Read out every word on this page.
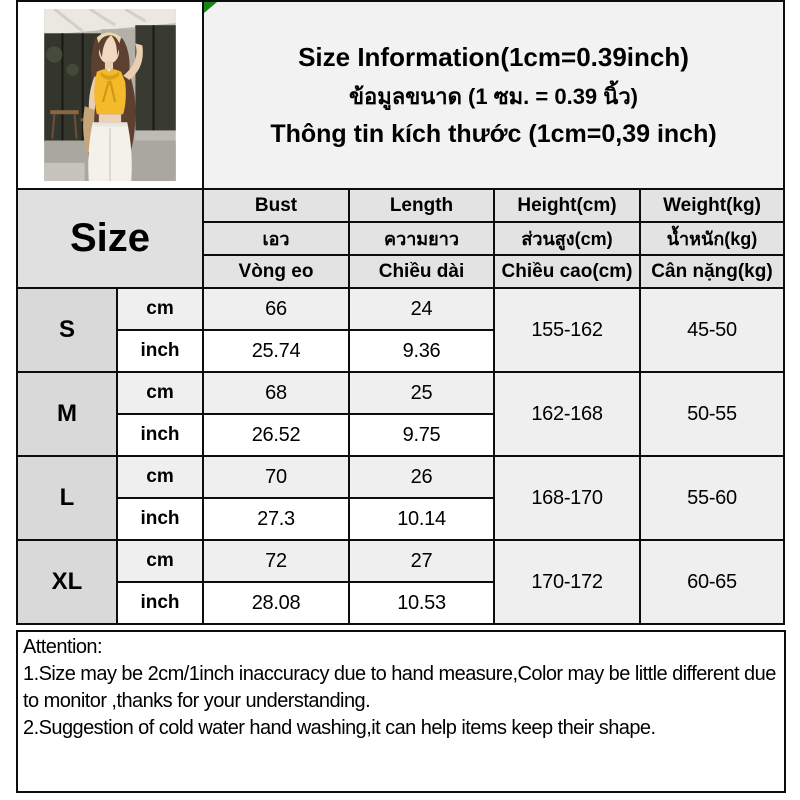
Size Information(1cm=0.39inch)
ข้อมูลขนาด (1 ซม. = 0.39 นิ้ว)
Thông tin kích thước (1cm=0,39 inch)			

Size		Bust	Length	Height(cm)	Weight(kg)
		เอว	ความยาว	ส่วนสูง(cm)	น้ำหนัก(kg)
		Vòng eo	Chiều dài	Chiều cao(cm)	Cân nặng(kg)
S	cm	66	24	155-162	45-50
	inch	25.74	9.36		
M	cm	68	25	162-168	50-55
	inch	26.52	9.75		
L	cm	70	26	168-170	55-60
	inch	27.3	10.14		
XL	cm	72	27	170-172	60-65
	inch	28.08	10.53		
Attention:
1.Size may be 2cm/1inch inaccuracy due to hand measure,Color may be little different due to monitor ,thanks for your understanding.
2.Suggestion of cold water hand washing,it can help items keep their shape.
